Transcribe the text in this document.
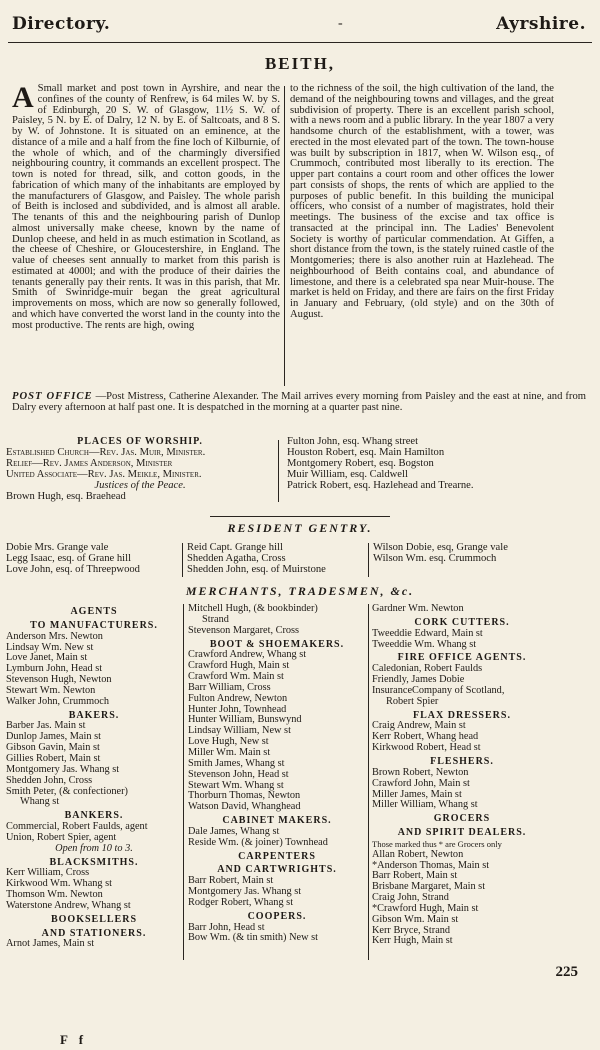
Directory.	-	Ayrshire.
BEITH,
A Small market and post town in Ayrshire, and near the confines of the county of Renfrew, is 64 miles W. by S. of Edinburgh, 20 S. W. of Glasgow, 11½ S. W. of Paisley, 5 N. by E. of Dalry, 12 N. by E. of Saltcoats, and 8 S. by W. of Johnstone. It is situated on an eminence, at the distance of a mile and a half from the fine loch of Kilburnie, of the whole of which, and of the charmingly diversified neighbouring country, it commands an excellent prospect. The town is noted for thread, silk, and cotton goods, in the fabrication of which many of the inhabitants are employed by the manufacturers of Glasgow, and Paisley. The whole parish of Beith is inclosed and subdivided, and is almost all arable. The tenants of this and the neighbouring parish of Dunlop almost universally make cheese, known by the name of Dunlop cheese, and held in as much estimation in Scotland, as the cheese of Cheshire, or Gloucestershire, in England. The value of cheeses sent annually to market from this parish is estimated at 4000l; and with the produce of their dairies the tenants generally pay their rents. It was in this parish, that Mr. Smith of Swinridge-muir began the great agricultural improvements on moss, which are now so generally followed, and which have converted the worst land in the county into the most productive. The rents are high, owing
to the richness of the soil, the high cultivation of the land, the demand of the neighbouring towns and villages, and the great subdivision of property. There is an excellent parish school, with a news room and a public library. In the year 1807 a very handsome church of the establishment, with a tower, was erected in the most elevated part of the town. The town-house was built by subscription in 1817, when W. Wilson esq., of Crummoch, contributed most liberally to its erection. The upper part contains a court room and other offices the lower part consists of shops, the rents of which are applied to the purposes of public benefit. In this building the municipal officers, who consist of a number of magistrates, hold their meetings. The business of the excise and tax office is transacted at the principal inn. The Ladies' Benevolent Society is worthy of particular commendation. At Giffen, a short distance from the town, is the stately ruined castle of the Montgomeries; there is also another ruin at Hazlehead. The neighbourhood of Beith contains coal, and abundance of limestone, and there is a celebrated spa near Muir-house. The market is held on Friday, and there are fairs on the first Friday in January and February, (old style) and on the 30th of August.
POST OFFICE —Post Mistress, Catherine Alexander. The Mail arrives every morning from Paisley and the east at nine, and from Dalry every afternoon at half past one. It is despatched in the morning at a quarter past nine.
PLACES OF WORSHIP.
Established Church—Rev. Jas. Muir, Minister.
Relief—Rev. James Anderson, Minister
United Associate—Rev. Jas. Meikle, Minister.
Justices of the Peace.
Brown Hugh, esq. Braehead
Fulton John, esq. Whang street
Houston Robert, esq. Main Hamilton
Montgomery Robert, esq. Bogston
Muir William, esq. Caldwell
Patrick Robert, esq. Hazlehead and Trearne.
RESIDENT GENTRY.
Dobie Mrs. Grange vale
Legg Isaac, esq. of Grane hill
Love John, esq. of Threepwood
Reid Capt. Grange hill
Shedden Agatha, Cross
Shedden John, esq. of Muirstone
Wilson Dobie, esq, Grange vale
Wilson Wm. esq. Crummoch
MERCHANTS, TRADESMEN, &c.
AGENTS
TO MANUFACTURERS.
Anderson Mrs. Newton
Lindsay Wm. New st
Love Janet, Main st
Lymburn John, Head st
Stevenson Hugh, Newton
Stewart Wm. Newton
Walker John, Crummoch
BAKERS.
Barber Jas. Main st
Dunlop James, Main st
Gibson Gavin, Main st
Gillies Robert, Main st
Montgomery Jas. Whang st
Shedden John, Cross
Smith Peter, (& confectioner)
Whang st
BANKERS.
Commercial, Robert Faulds, agent
Union, Robert Spier, agent
Open from 10 to 3.
BLACKSMITHS.
Kerr William, Cross
Kirkwood Wm. Whang st
Thomson Wm. Newton
Waterstone Andrew, Whang st
BOOKSELLERS
AND STATIONERS.
Arnot James, Main st
Mitchell Hugh, (& bookbinder)
Strand
Stevenson Margaret, Cross
BOOT & SHOEMAKERS.
Crawford Andrew, Whang st
Crawford Hugh, Main st
Crawford Wm. Main st
Barr William, Cross
Fulton Andrew, Newton
Hunter John, Townhead
Hunter William, Bunswynd
Lindsay William, New st
Love Hugh, New st
Miller Wm. Main st
Smith James, Whang st
Stevenson John, Head st
Stewart Wm. Whang st
Thorburn Thomas, Newton
Watson David, Whanghead
CABINET MAKERS.
Dale James, Whang st
Reside Wm. (& joiner) Townhead
CARPENTERS
AND CARTWRIGHTS.
Barr Robert, Main st
Montgomery Jas. Whang st
Rodger Robert, Whang st
COOPERS.
Barr John, Head st
Bow Wm. (& tin smith) New st
Gardner Wm. Newton
CORK CUTTERS.
Tweeddie Edward, Main st
Tweeddie Wm. Whang st
FIRE OFFICE AGENTS.
Caledonian, Robert Faulds
Friendly, James Dobie
InsuranceCompany of Scotland,
Robert Spier
FLAX DRESSERS.
Craig Andrew, Main st
Kerr Robert, Whang head
Kirkwood Robert, Head st
FLESHERS.
Brown Robert, Newton
Crawford John, Main st
Miller James, Main st
Miller William, Whang st
GROCERS
AND SPIRIT DEALERS.
Those marked thus * are Grocers only
Allan Robert, Newton
*Anderson Thomas, Main st
Barr Robert, Main st
Brisbane Margaret, Main st
Craig John, Strand
*Crawford Hugh, Main st
Gibson Wm. Main st
Kerr Bryce, Strand
Kerr Hugh, Main st
F f
225
